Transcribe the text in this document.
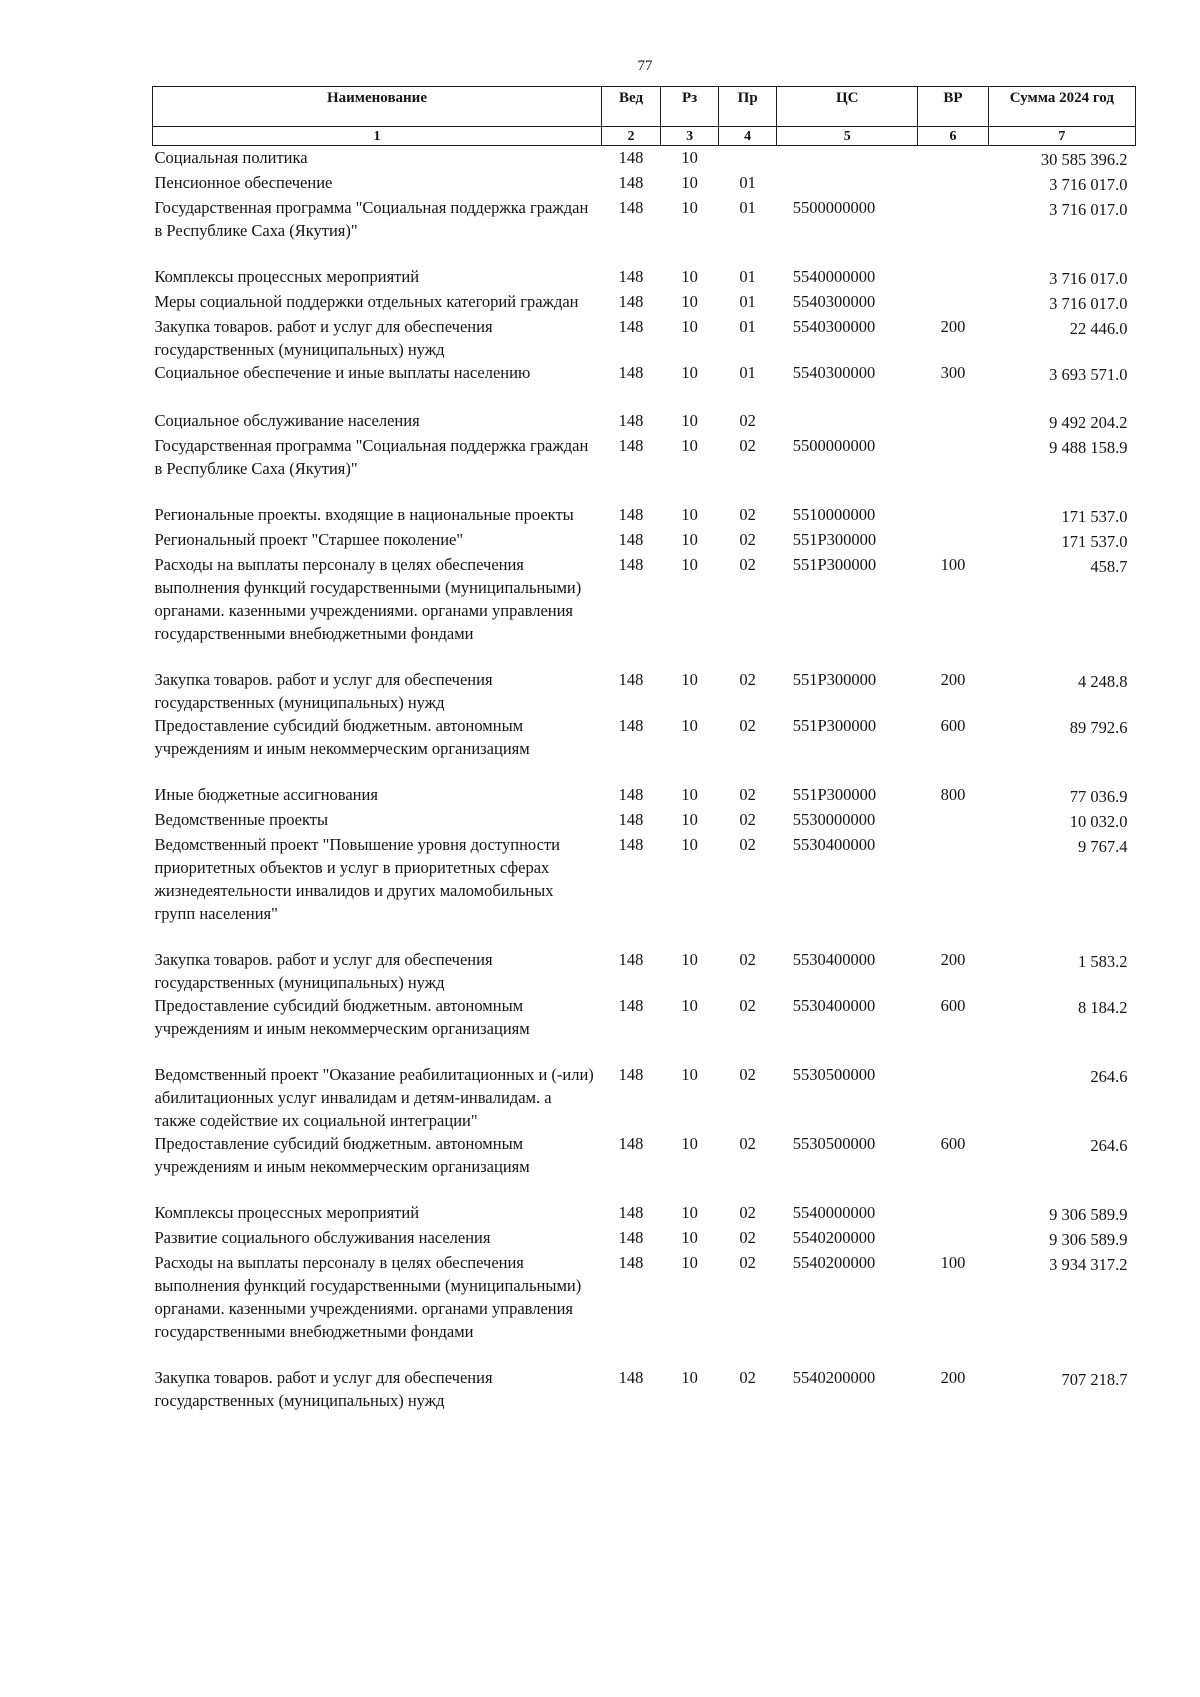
77
Наименование	Вед	Рз	Пр	ЦС	ВР	Сумма 2024 год
1	2	3	4	5	6	7
Социальная политика	148	10				30 585 396.2
Пенсионное обеспечение	148	10	01			3 716 017.0
Государственная программа "Социальная поддержка граждан в Республике Саха (Якутия)"	148	10	01	5500000000		3 716 017.0
Комплексы процессных мероприятий	148	10	01	5540000000		3 716 017.0
Меры социальной поддержки отдельных категорий граждан	148	10	01	5540300000		3 716 017.0
Закупка товаров. работ и услуг для обеспечения государственных (муниципальных) нужд	148	10	01	5540300000	200	22 446.0
Социальное обеспечение и иные выплаты населению	148	10	01	5540300000	300	3 693 571.0
Социальное обслуживание населения	148	10	02			9 492 204.2
Государственная программа "Социальная поддержка граждан в Республике Саха (Якутия)"	148	10	02	5500000000		9 488 158.9
Региональные проекты. входящие в национальные проекты	148	10	02	5510000000		171 537.0
Региональный проект "Старшее поколение"	148	10	02	551P300000		171 537.0
Расходы на выплаты персоналу в целях обеспечения выполнения функций государственными (муниципальными) органами. казенными учреждениями. органами управления государственными внебюджетными фондами	148	10	02	551P300000	100	458.7
Закупка товаров. работ и услуг для обеспечения государственных (муниципальных) нужд	148	10	02	551P300000	200	4 248.8
Предоставление субсидий бюджетным. автономным учреждениям и иным некоммерческим организациям	148	10	02	551P300000	600	89 792.6
Иные бюджетные ассигнования	148	10	02	551P300000	800	77 036.9
Ведомственные проекты	148	10	02	5530000000		10 032.0
Ведомственный проект "Повышение уровня доступности приоритетных объектов и услуг в приоритетных сферах жизнедеятельности инвалидов и других маломобильных групп населения"	148	10	02	5530400000		9 767.4
Закупка товаров. работ и услуг для обеспечения государственных (муниципальных) нужд	148	10	02	5530400000	200	1 583.2
Предоставление субсидий бюджетным. автономным учреждениям и иным некоммерческим организациям	148	10	02	5530400000	600	8 184.2
Ведомственный проект "Оказание реабилитационных и (-или) абилитационных услуг инвалидам и детям-инвалидам. а также содействие их социальной интеграции"	148	10	02	5530500000		264.6
Предоставление субсидий бюджетным. автономным учреждениям и иным некоммерческим организациям	148	10	02	5530500000	600	264.6
Комплексы процессных мероприятий	148	10	02	5540000000		9 306 589.9
Развитие социального обслуживания населения	148	10	02	5540200000		9 306 589.9
Расходы на выплаты персоналу в целях обеспечения выполнения функций государственными (муниципальными) органами. казенными учреждениями. органами управления государственными внебюджетными фондами	148	10	02	5540200000	100	3 934 317.2
Закупка товаров. работ и услуг для обеспечения государственных (муниципальных) нужд	148	10	02	5540200000	200	707 218.7
